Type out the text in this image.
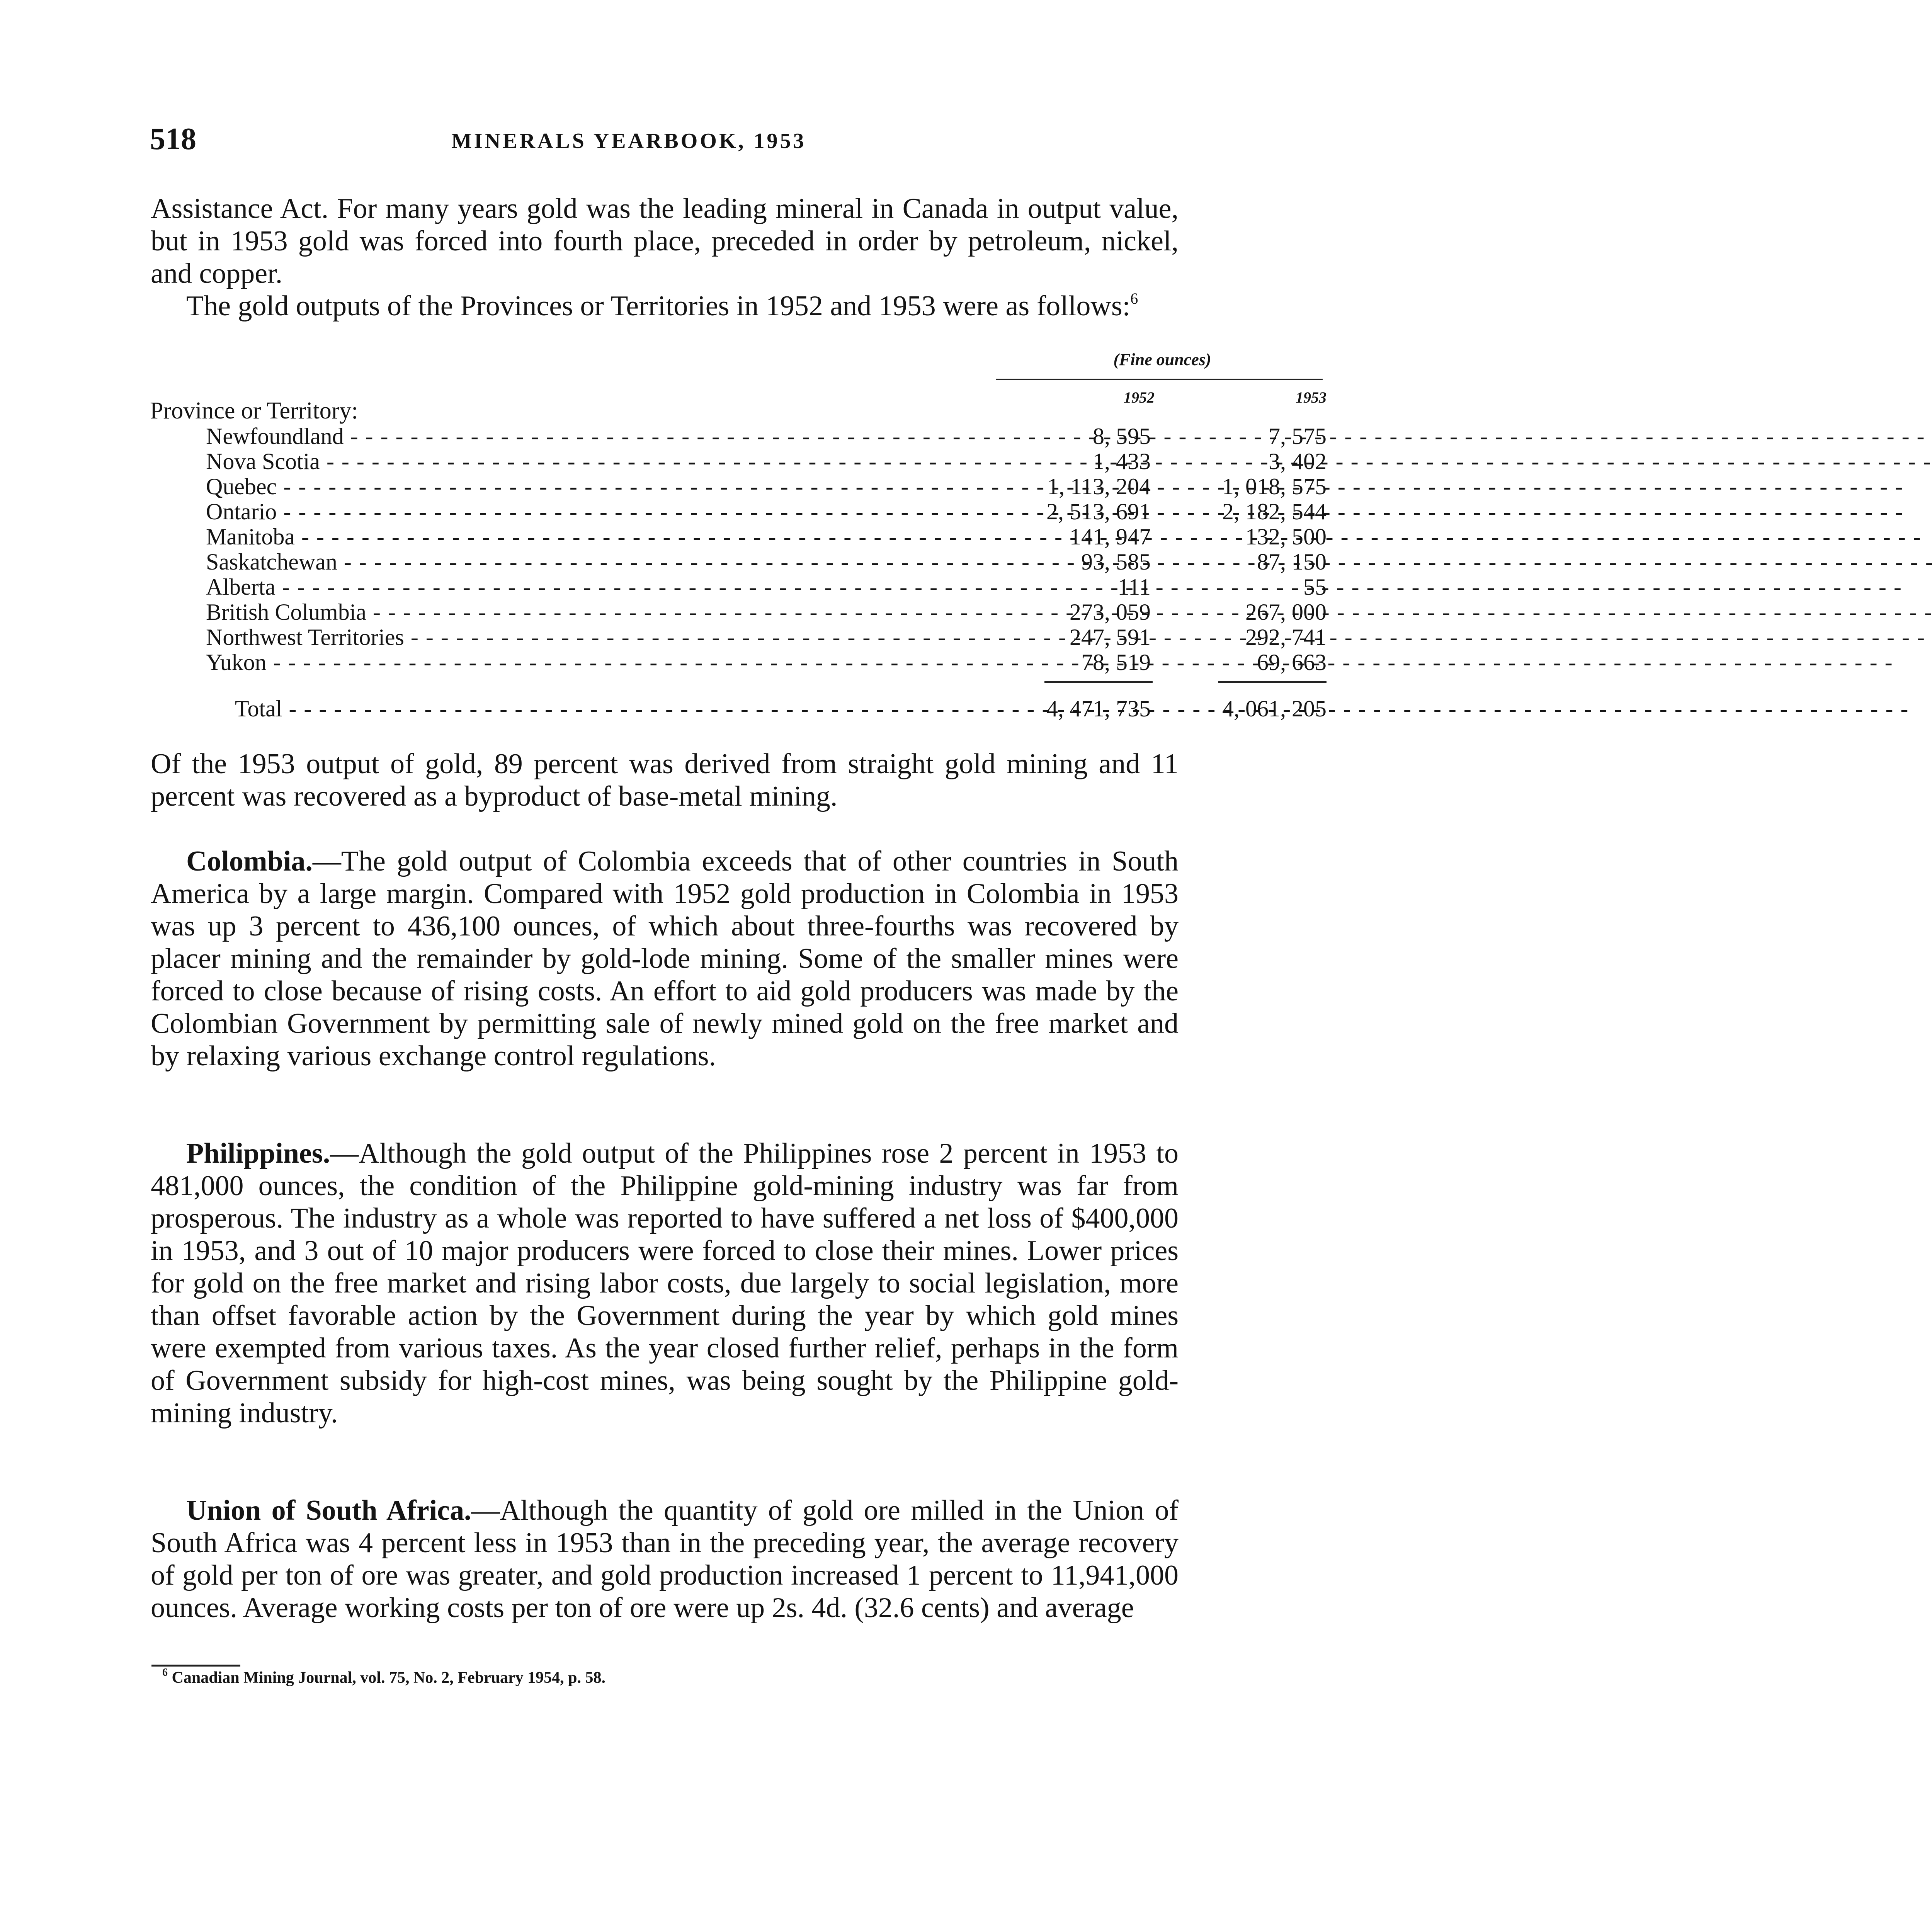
518	MINERALS YEARBOOK, 1953

Assistance Act. For many years gold was the leading mineral in Canada in output value, but in 1953 gold was forced into fourth place, preceded in order by petroleum, nickel, and copper.

The gold outputs of the Provinces or Territories in 1952 and 1953 were as follows:$^6$

(Fine ounces)
1952	1953
Province or Territory:
Newfoundland - - -	8, 595	7, 575
Nova Scotia - - -	1, 433	3, 402
Quebec - - -	1, 113, 204	1, 018, 575
Ontario - - -	2, 513, 691	2, 182, 544
Manitoba - - -	141, 947	132, 500
Saskatchewan - - -	93, 585	87, 150
Alberta - - -	111	55
British Columbia - - -	273, 059	267, 000
Northwest Territories - - -	247, 591	292, 741
Yukon - - -	78, 519	69, 663
Total - - -	4, 471, 735	4, 061, 205

Of the 1953 output of gold, 89 percent was derived from straight gold mining and 11 percent was recovered as a byproduct of base-metal mining.

Colombia.—The gold output of Colombia exceeds that of other countries in South America by a large margin. Compared with 1952 gold production in Colombia in 1953 was up 3 percent to 436,100 ounces, of which about three-fourths was recovered by placer mining and the remainder by gold-lode mining. Some of the smaller mines were forced to close because of rising costs. An effort to aid gold producers was made by the Colombian Government by permitting sale of newly mined gold on the free market and by relaxing various exchange control regulations.

Philippines.—Although the gold output of the Philippines rose 2 percent in 1953 to 481,000 ounces, the condition of the Philippine gold-mining industry was far from prosperous. The industry as a whole was reported to have suffered a net loss of $400,000 in 1953, and 3 out of 10 major producers were forced to close their mines. Lower prices for gold on the free market and rising labor costs, due largely to social legislation, more than offset favorable action by the Government during the year by which gold mines were exempted from various taxes. As the year closed further relief, perhaps in the form of Government subsidy for high-cost mines, was being sought by the Philippine gold-mining industry.

Union of South Africa.—Although the quantity of gold ore milled in the Union of South Africa was 4 percent less in 1953 than in the preceding year, the average recovery of gold per ton of ore was greater, and gold production increased 1 percent to 11,941,000 ounces. Average working costs per ton of ore were up 2s. 4d. (32.6 cents) and average

$^6$ Canadian Mining Journal, vol. 75, No. 2, February 1954, p. 58.
